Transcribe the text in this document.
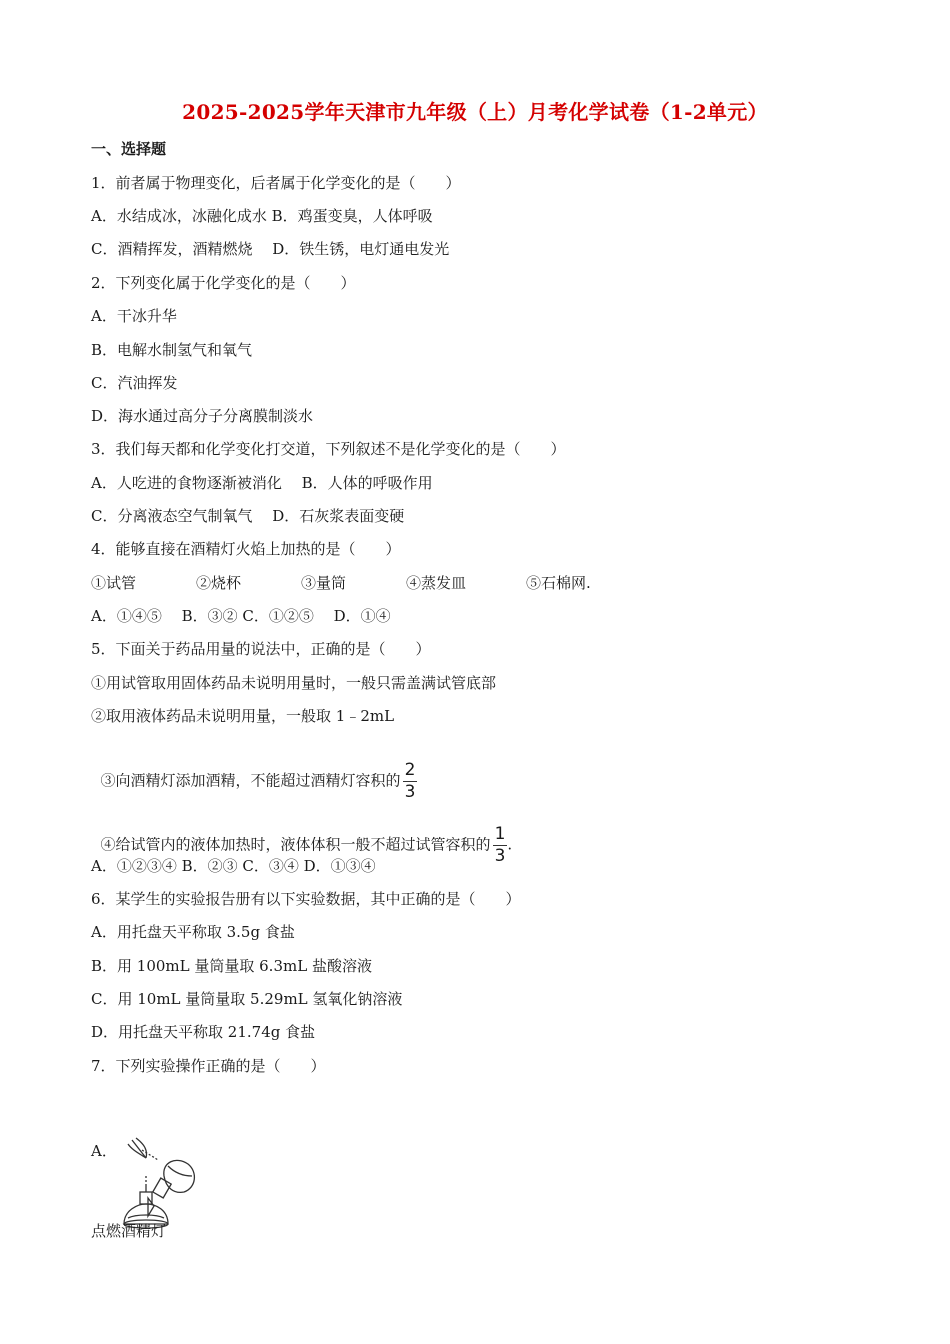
2025-2025学年天津市九年级（上）月考化学试卷（1-2单元）
一、选择题
1．前者属于物理变化，后者属于化学变化的是（　　）
A．水结成冰，冰融化成水 B．鸡蛋变臭，人体呼吸
C．酒精挥发，酒精燃烧　 D．铁生锈，电灯通电发光
2．下列变化属于化学变化的是（　　）
A．干冰升华
B．电解水制氢气和氧气
C．汽油挥发
D．海水通过高分子分离膜制淡水
3．我们每天都和化学变化打交道，下列叙述不是化学变化的是（　　）
A．人吃进的食物逐渐被消化　 B．人体的呼吸作用
C．分离液态空气制氧气　 D．石灰浆表面变硬
4．能够直接在酒精灯火焰上加热的是（　　）
①试管　　　　②烧杯　　　　③量筒　　　　④蒸发皿　　　　⑤石棉网.
A．①④⑤　 B．③② C．①②⑤　 D．①④
5．下面关于药品用量的说法中，正确的是（　　）
①用试管取用固体药品未说明用量时，一般只需盖满试管底部
②取用液体药品未说明用量，一般取 1﹣2mL

③向酒精灯添加酒精，不能超过酒精灯容积的 $\frac{2}{3}$

④给试管内的液体加热时，液体体积一般不超过试管容积的 $\frac{1}{3}$ .

A．①②③④ B．②③ C．③④ D．①③④
6．某学生的实验报告册有以下实验数据，其中正确的是（　　）
A．用托盘天平称取 3.5g 食盐
B．用 100mL 量筒量取 6.3mL 盐酸溶液
C．用 10mL 量筒量取 5.29mL 氢氧化钠溶液
D．用托盘天平称取 21.74g 食盐
7．下列实验操作正确的是（　　）
A．
点燃酒精灯
